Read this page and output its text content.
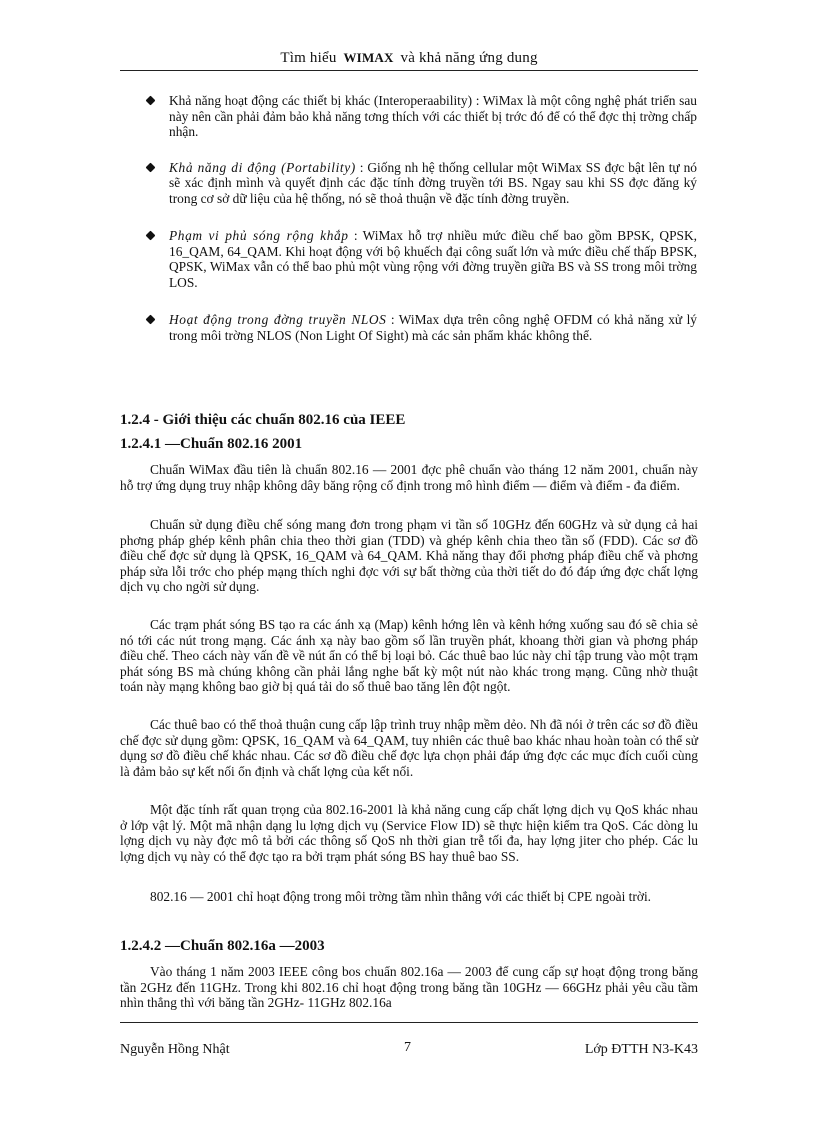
Tìm hiểu WIMAX và khả năng ứng dung
Khả năng hoạt động các thiết bị khác (Interoperaability) : WiMax là một công nghệ phát triển sau này nên cần phải đảm bảo khả năng tơng thích với các thiết bị trớc đó để có thể đợc thị trờng chấp nhận.
Khả năng di động (Portability) : Giống nh hệ thống cellular một WiMax SS đợc bật lên tự nó sẽ xác định mình và quyết định các đặc tính đờng truyền tới BS. Ngay sau khi SS đợc đăng ký trong cơ sở dữ liệu của hệ thống, nó sẽ thoả thuận về đặc tính đờng truyền.
Phạm vi phủ sóng rộng khắp : WiMax hỗ trợ nhiều mức điều chế bao gồm BPSK, QPSK, 16_QAM, 64_QAM. Khi hoạt động với bộ khuếch đại công suất lớn và mức điều chế thấp BPSK, QPSK, WiMax vẫn có thể bao phủ một vùng rộng với đờng truyền giữa BS và SS trong môi trờng LOS.
Hoạt động trong đờng truyền NLOS : WiMax dựa trên công nghệ OFDM có khả năng xử lý trong môi trờng NLOS (Non Light Of Sight) mà các sản phẩm khác không thể.
1.2.4 - Giới thiệu các chuẩn 802.16 của IEEE
1.2.4.1 —Chuẩn 802.16 2001

Chuẩn WiMax đầu tiên là chuẩn 802.16 — 2001 đợc phê chuẩn vào tháng 12 năm 2001, chuẩn này hỗ trợ ứng dụng truy nhập không dây băng rộng cố định trong mô hình điểm — điểm và điểm - đa điểm.

Chuẩn sử dụng điều chế sóng mang đơn trong phạm vi tần số 10GHz đến 60GHz và sử dụng cả hai phơng pháp ghép kênh phân chia theo thời gian (TDD) và ghép kênh chia theo tần số (FDD). Các sơ đồ điều chế đợc sử dụng là QPSK, 16_QAM và 64_QAM. Khả năng thay đổi phơng pháp điều chế và phơng pháp sửa lỗi trớc cho phép mạng thích nghi đợc với sự bất thờng của thời tiết do đó đáp ứng đợc chất lợng dịch vụ cho ngời sử dụng.

Các trạm phát sóng BS tạo ra các ánh xạ (Map) kênh hớng lên và kênh hớng xuống sau đó sẽ chia sẻ nó tới các nút trong mạng. Các ánh xạ này bao gồm số lần truyền phát, khoang thời gian và phơng pháp điều chế. Theo cách này vấn đề về nút ẩn có thể bị loại bỏ. Các thuê bao lúc này chỉ tập trung vào một trạm phát sóng BS mà chúng không cần phải lắng nghe bất kỳ một nút nào khác trong mạng. Cũng nhờ thuật toán này mạng không bao giờ bị quá tải do số thuê bao tăng lên đột ngột.

Các thuê bao có thể thoả thuận cung cấp lập trình truy nhập mềm dẻo. Nh đã nói ở trên các sơ đồ điều chế đợc sử dụng gồm: QPSK, 16_QAM và 64_QAM, tuy nhiên các thuê bao khác nhau hoàn toàn có thể sử dụng sơ đồ điều chế khác nhau. Các sơ đồ điều chế đợc lựa chọn phải đáp ứng đợc các mục đích cuối cùng là đảm bảo sự kết nối ổn định và chất lợng của kết nối.

Một đặc tính rất quan trọng của 802.16-2001 là khả năng cung cấp chất lợng dịch vụ QoS khác nhau ở lớp vật lý. Một mã nhận dạng lu lợng dịch vụ (Service Flow ID) sẽ thực hiện kiểm tra QoS. Các dòng lu lợng dịch vụ này đợc mô tả bởi các thông số QoS nh thời gian trễ tối đa, hay lợng jiter cho phép. Các lu lợng dịch vụ này có thể đợc tạo ra bởi trạm phát sóng BS hay thuê bao SS.

802.16 — 2001 chỉ hoạt động trong môi trờng tầm nhìn thẳng với các thiết bị CPE ngoài trời.

1.2.4.2 —Chuẩn 802.16a —2003

Vào tháng 1 năm 2003 IEEE công bos chuẩn 802.16a — 2003 để cung cấp sự hoạt động trong băng tần 2GHz đến 11GHz. Trong khi 802.16 chỉ hoạt động trong băng tần 10GHz — 66GHz phải yêu cầu tầm nhìn thẳng thì với băng tần 2GHz- 11GHz 802.16a

Nguyễn Hồng Nhật	7	Lớp ĐTTH N3-K43
